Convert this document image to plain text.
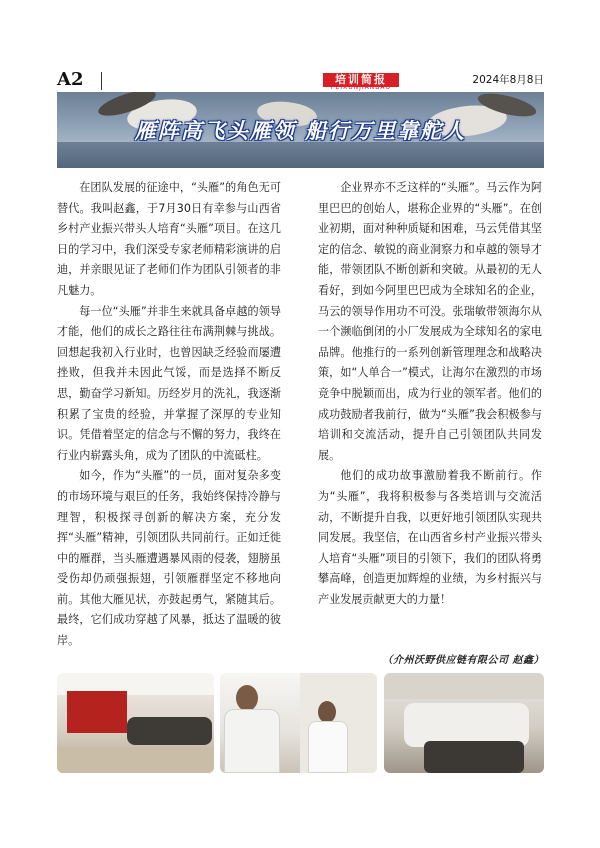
A2	培训简报
PEIXUNJIANBAO
2024年8月8日
雁阵高飞头雁领 船行万里靠舵人

在团队发展的征途中，“头雁”的角色无可替代。我叫赵鑫，于7月30日有幸参与山西省乡村产业振兴带头人培育“头雁”项目。在这几日的学习中，我们深受专家老师精彩演讲的启迪，并亲眼见证了老师们作为团队引领者的非凡魅力。

每一位“头雁”并非生来就具备卓越的领导才能，他们的成长之路往往布满荆棘与挑战。回想起我初入行业时，也曾因缺乏经验而屡遭挫败，但我并未因此气馁，而是选择不断反思，勤奋学习新知。历经岁月的洗礼，我逐渐积累了宝贵的经验，并掌握了深厚的专业知识。凭借着坚定的信念与不懈的努力，我终在行业内崭露头角，成为了团队的中流砥柱。

如今，作为“头雁”的一员，面对复杂多变的市场环境与艰巨的任务，我始终保持冷静与理智，积极探寻创新的解决方案，充分发挥“头雁”精神，引领团队共同前行。正如迁徙中的雁群，当头雁遭遇暴风雨的侵袭，翅膀虽受伤却仍顽强振翅，引领雁群坚定不移地向前。其他大雁见状，亦鼓起勇气，紧随其后。最终，它们成功穿越了风暴，抵达了温暖的彼岸。

企业界亦不乏这样的“头雁”。马云作为阿里巴巴的创始人，堪称企业界的“头雁”。在创业初期，面对种种质疑和困难，马云凭借其坚定的信念、敏锐的商业洞察力和卓越的领导才能，带领团队不断创新和突破。从最初的无人看好，到如今阿里巴巴成为全球知名的企业，马云的领导作用功不可没。张瑞敏带领海尔从一个濒临倒闭的小厂发展成为全球知名的家电品牌。他推行的一系列创新管理理念和战略决策，如“人单合一”模式，让海尔在激烈的市场竞争中脱颖而出，成为行业的领军者。他们的成功鼓励者我前行，做为“头雁”我会积极参与培训和交流活动，提升自己引领团队共同发展。

他们的成功故事激励着我不断前行。作为“头雁”，我将积极参与各类培训与交流活动，不断提升自我，以更好地引领团队实现共同发展。我坚信，在山西省乡村产业振兴带头人培育“头雁”项目的引领下，我们的团队将勇攀高峰，创造更加辉煌的业绩，为乡村振兴与产业发展贡献更大的力量！

（介州沃野供应链有限公司 赵鑫）
